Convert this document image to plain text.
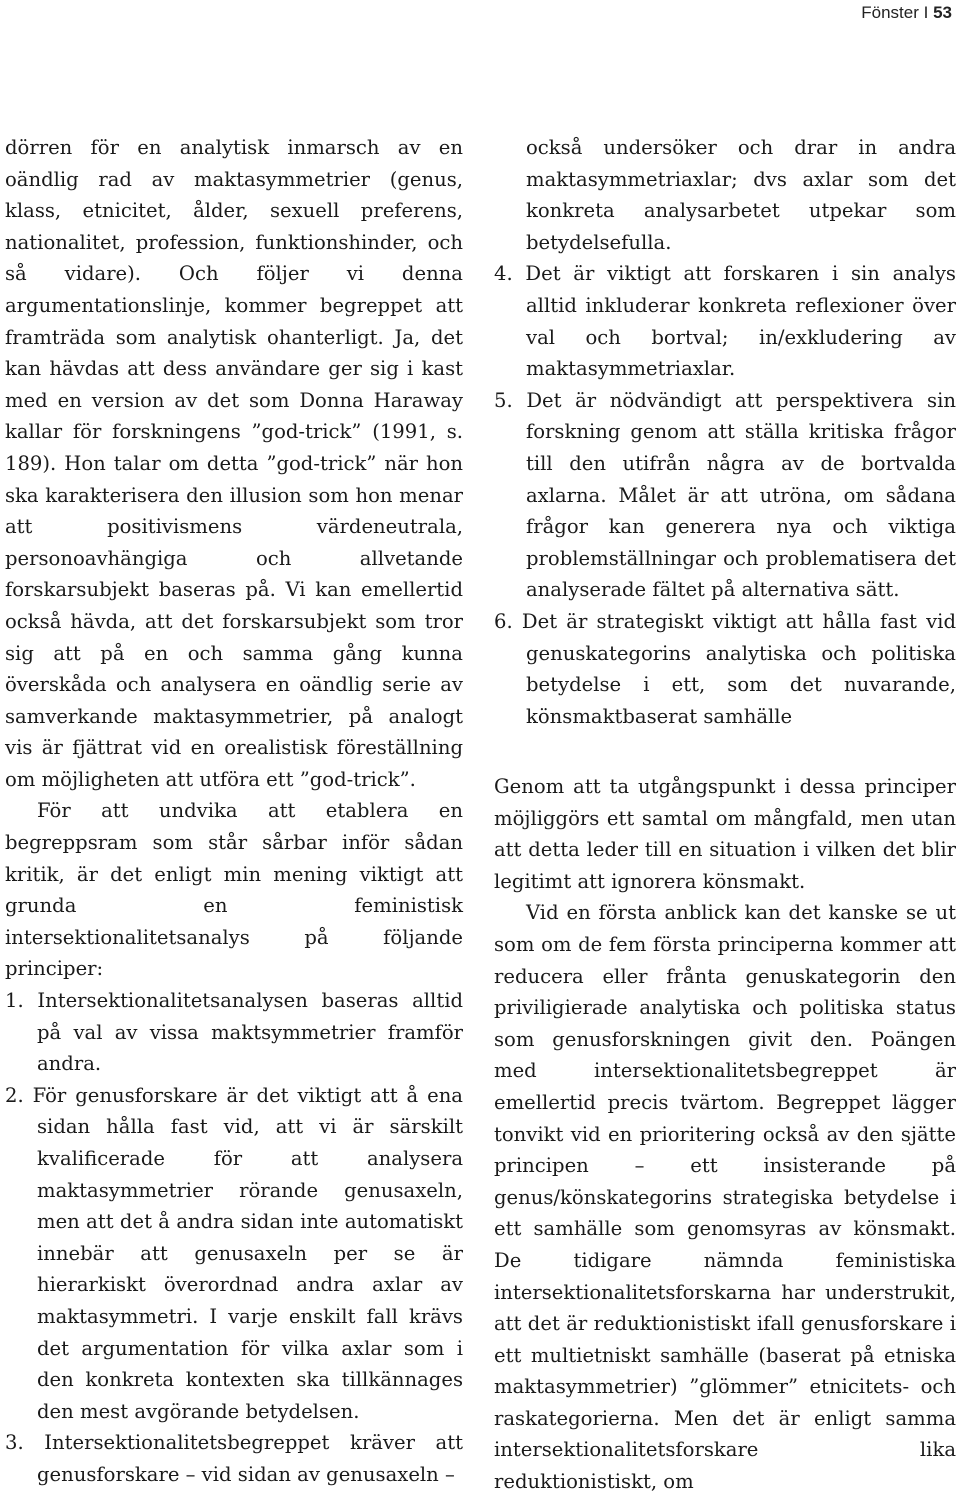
Fönster I 53

dörren för en analytisk inmarsch av en oändlig rad av maktasymmetrier (genus, klass, etnicitet, ålder, sexuell preferens, nationalitet, profession, funktionshinder, och så vidare). Och följer vi denna argumentationslinje, kommer begreppet att framträda som analytisk ohanterligt. Ja, det kan hävdas att dess användare ger sig i kast med en version av det som Donna Haraway kallar för forskningens ”god-trick” (1991, s. 189). Hon talar om detta ”god-trick” när hon ska karakterisera den illusion som hon menar att positivismens värdeneutrala, personoavhängiga och allvetande forskarsubjekt baseras på. Vi kan emellertid också hävda, att det forskarsubjekt som tror sig att på en och samma gång kunna överskåda och analysera en oändlig serie av samverkande maktasymmetrier, på analogt vis är fjättrat vid en orealistisk föreställning om möjligheten att utföra ett ”god-trick”.

För att undvika att etablera en begreppsram som står sårbar inför sådan kritik, är det enligt min mening viktigt att grunda en feministisk intersektionalitetsanalys på följande principer:

1. Intersektionalitetsanalysen baseras alltid på val av vissa maktsymmetrier framför andra.
2. För genusforskare är det viktigt att å ena sidan hålla fast vid, att vi är särskilt kvalificerade för att analysera maktasymmetrier rörande genusaxeln, men att det å andra sidan inte automatiskt innebär att genusaxeln per se är hierarkiskt överordnad andra axlar av maktasymmetri. I varje enskilt fall krävs det argumentation för vilka axlar som i den konkreta kontexten ska tillkännages den mest avgörande betydelsen.
3. Intersektionalitetsbegreppet kräver att genusforskare – vid sidan av genusaxeln –
också undersöker och drar in andra maktasymmetriaxlar; dvs axlar som det konkreta analysarbetet utpekar som betydelsefulla.
4. Det är viktigt att forskaren i sin analys alltid inkluderar konkreta reflexioner över val och bortval; in/exkludering av maktasymmetriaxlar.
5. Det är nödvändigt att perspektivera sin forskning genom att ställa kritiska frågor till den utifrån några av de bortvalda axlarna. Målet är att utröna, om sådana frågor kan generera nya och viktiga problemställningar och problematisera det analyserade fältet på alternativa sätt.
6. Det är strategiskt viktigt att hålla fast vid genuskategorins analytiska och politiska betydelse i ett, som det nuvarande, könsmaktbaserat samhälle

Genom att ta utgångspunkt i dessa principer möjliggörs ett samtal om mångfald, men utan att detta leder till en situation i vilken det blir legitimt att ignorera könsmakt.

Vid en första anblick kan det kanske se ut som om de fem första principerna kommer att reducera eller fråntа genuskategorin den priviligierade analytiska och politiska status som genusforskningen givit den. Poängen med intersektionalitetsbegreppet är emellertid precis tvärtom. Begreppet lägger tonvikt vid en prioritering också av den sjätte principen – ett insisterande på genus/könskategorins strategiska betydelse i ett samhälle som genomsyras av könsmakt. De tidigare nämnda feministiska intersektionalitetsforskarna har understrukit, att det är reduktionistiskt ifall genusforskare i ett multietniskt samhälle (baserat på etniska maktasymmetrier) ”glömmer” etnicitets- och raskategorierna. Men det är enligt samma intersektionalitetsforskare lika reduktionistiskt, om
